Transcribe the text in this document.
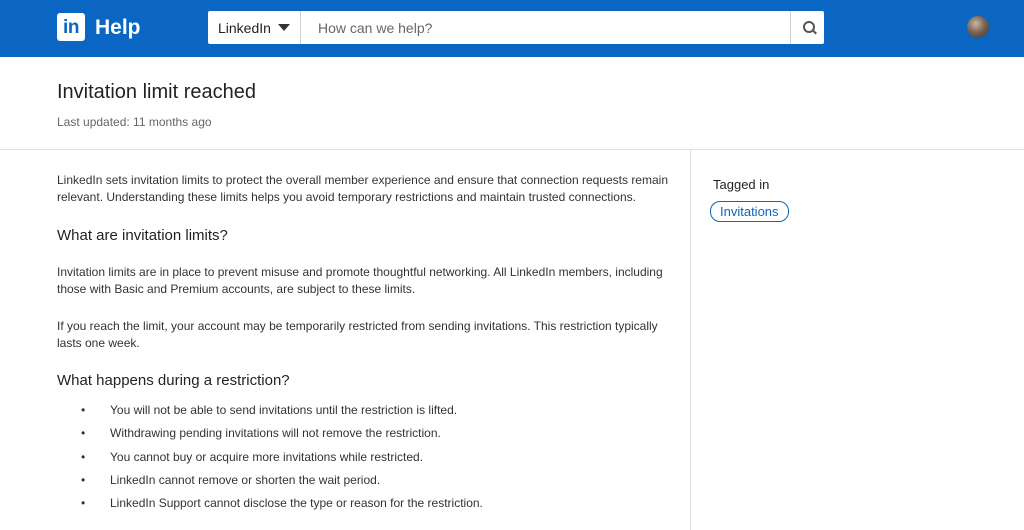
in Help	LinkedIn
How can we help?
Invitation limit reached
Last updated: 11 months ago

LinkedIn sets invitation limits to protect the overall member experience and ensure that connection requests remain relevant. Understanding these limits helps you avoid temporary restrictions and maintain trusted connections.

What are invitation limits?

Invitation limits are in place to prevent misuse and promote thoughtful networking. All LinkedIn members, including those with Basic and Premium accounts, are subject to these limits.

If you reach the limit, your account may be temporarily restricted from sending invitations. This restriction typically lasts one week.

What happens during a restriction?
• You will not be able to send invitations until the restriction is lifted.
• Withdrawing pending invitations will not remove the restriction.
• You cannot buy or acquire more invitations while restricted.
• LinkedIn cannot remove or shorten the wait period.
• LinkedIn Support cannot disclose the type or reason for the restriction.
Tagged in
Invitations
